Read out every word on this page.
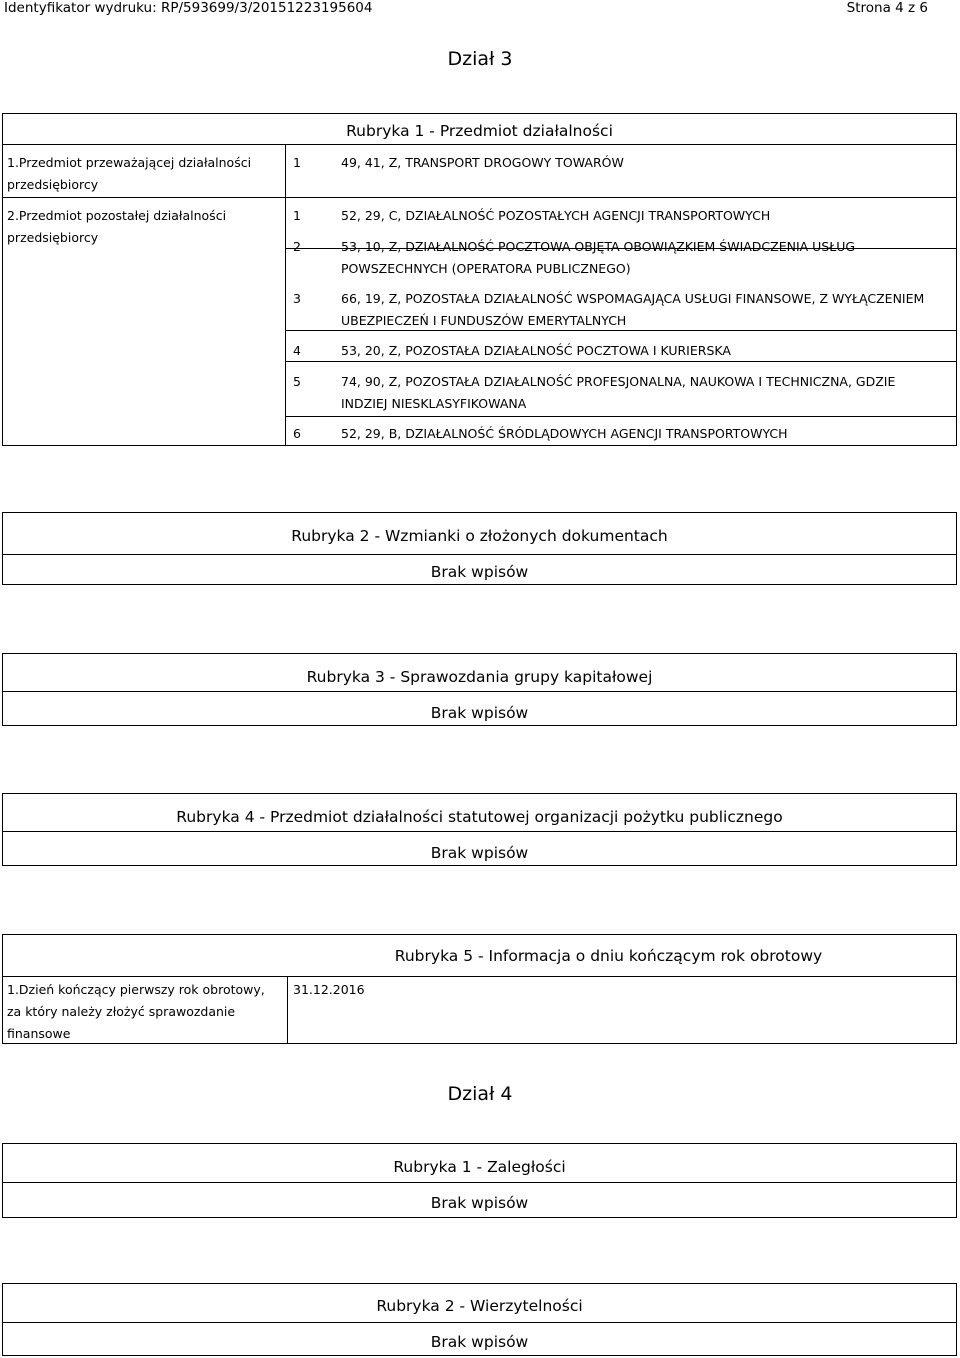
Identyfikator wydruku: RP/593699/3/20151223195604	Strona 4 z 6
Dział 3
Rubryka 1 - Przedmiot działalności
1.Przedmiot przeważającej działalności
przedsiębiorcy
1	49, 41, Z, TRANSPORT DROGOWY TOWARÓW
2.Przedmiot pozostałej działalności
przedsiębiorcy
1	52, 29, C, DZIAŁALNOŚĆ POZOSTAŁYCH AGENCJI TRANSPORTOWYCH
2	53, 10, Z, DZIAŁALNOŚĆ POCZTOWA OBJĘTA OBOWIĄZKIEM ŚWIADCZENIA USŁUG
POWSZECHNYCH (OPERATORA PUBLICZNEGO)
3	66, 19, Z, POZOSTAŁA DZIAŁALNOŚĆ WSPOMAGAJĄCA USŁUGI FINANSOWE, Z WYŁĄCZENIEM
UBEZPIECZEŃ I FUNDUSZÓW EMERYTALNYCH
4	53, 20, Z, POZOSTAŁA DZIAŁALNOŚĆ POCZTOWA I KURIERSKA
5	74, 90, Z, POZOSTAŁA DZIAŁALNOŚĆ PROFESJONALNA, NAUKOWA I TECHNICZNA, GDZIE
INDZIEJ NIESKLASYFIKOWANA
6	52, 29, B, DZIAŁALNOŚĆ ŚRÓDLĄDOWYCH AGENCJI TRANSPORTOWYCH
Rubryka 2 - Wzmianki o złożonych dokumentach
Brak wpisów
Rubryka 3 - Sprawozdania grupy kapitałowej
Brak wpisów
Rubryka 4 - Przedmiot działalności statutowej organizacji pożytku publicznego
Brak wpisów
Rubryka 5 - Informacja o dniu kończącym rok obrotowy
1.Dzień kończący pierwszy rok obrotowy,
za który należy złożyć sprawozdanie
finansowe
31.12.2016
Dział 4
Rubryka 1 - Zaległości
Brak wpisów
Rubryka 2 - Wierzytelności
Brak wpisów
